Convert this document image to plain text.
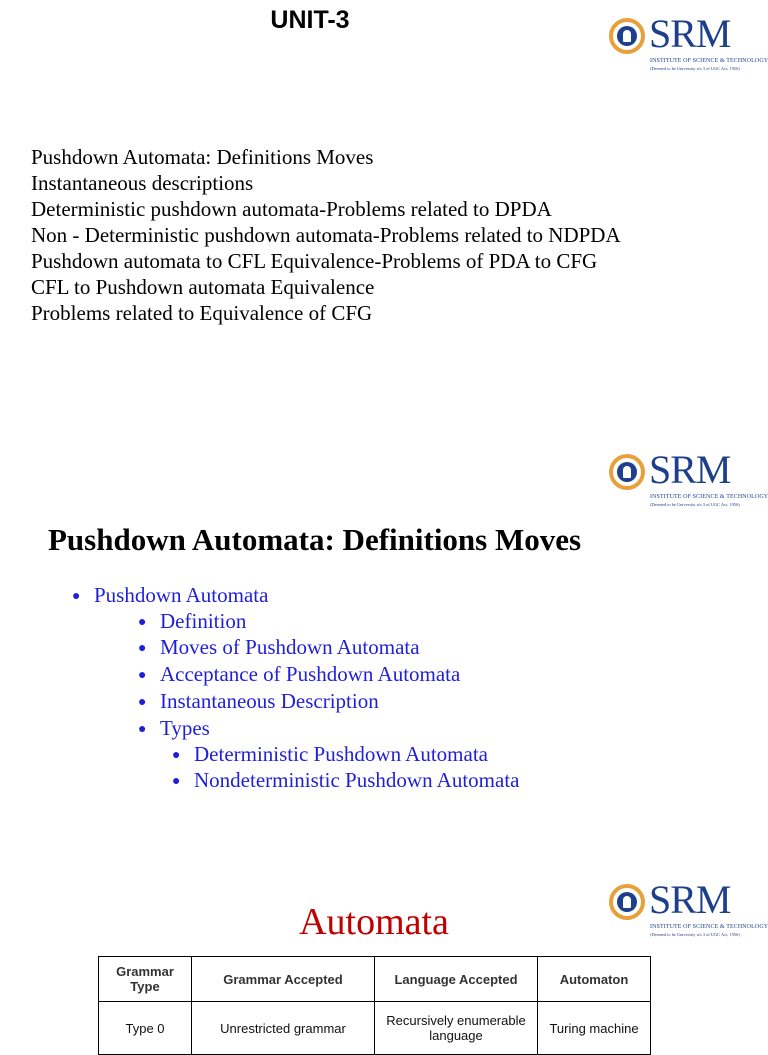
UNIT-3	SRM
INSTITUTE OF SCIENCE & TECHNOLOGY
(Deemed to be University u/s 3 of UGC Act, 1956)
Pushdown Automata: Definitions Moves
Instantaneous descriptions
Deterministic pushdown automata-Problems related to DPDA
Non - Deterministic pushdown automata-Problems related to NDPDA
Pushdown automata to CFL Equivalence-Problems of PDA to CFG
CFL to Pushdown automata Equivalence
Problems related to Equivalence of CFG
SRM
INSTITUTE OF SCIENCE & TECHNOLOGY
(Deemed to be University u/s 3 of UGC Act, 1956)
Pushdown Automata: Definitions Moves
● Pushdown Automata
● Definition
● Moves of Pushdown Automata
● Acceptance of Pushdown Automata
● Instantaneous Description
● Types
● Deterministic Pushdown Automata
● Nondeterministic Pushdown Automata
SRM
INSTITUTE OF SCIENCE & TECHNOLOGY
(Deemed to be University u/s 3 of UGC Act, 1956)
Automata
Grammar Type	Grammar Accepted	Language Accepted	Automaton
Type 0	Unrestricted grammar	Recursively enumerable language	Turing machine
